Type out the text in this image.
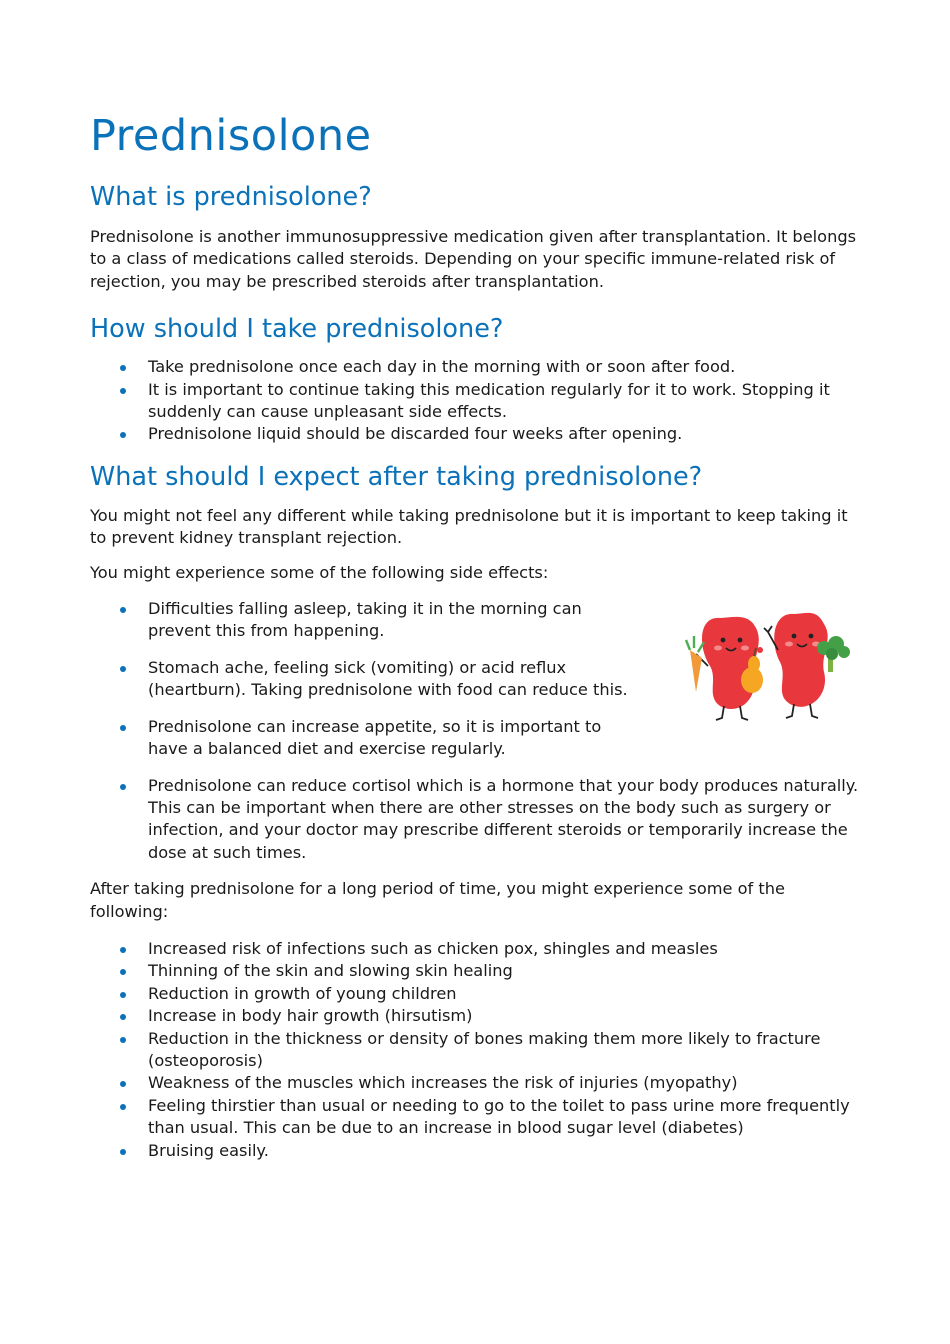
Prednisolone
What is prednisolone?

Prednisolone is another immunosuppressive medication given after transplantation. It belongs to a class of medications called steroids. Depending on your specific immune-related risk of rejection, you may be prescribed steroids after transplantation.

How should I take prednisolone?
Take prednisolone once each day in the morning with or soon after food.
It is important to continue taking this medication regularly for it to work. Stopping it suddenly can cause unpleasant side effects.
Prednisolone liquid should be discarded four weeks after opening.
What should I expect after taking prednisolone?

You might not feel any different while taking prednisolone but it is important to keep taking it to prevent kidney transplant rejection.

You might experience some of the following side effects:

Difficulties falling asleep, taking it in the morning can prevent this from happening.
Stomach ache, feeling sick (vomiting) or acid reflux (heartburn). Taking prednisolone with food can reduce this.
Prednisolone can increase appetite, so it is important to have a balanced diet and exercise regularly.
Prednisolone can reduce cortisol which is a hormone that your body produces naturally. This can be important when there are other stresses on the body such as surgery or infection, and your doctor may prescribe different steroids or temporarily increase the dose at such times.

After taking prednisolone for a long period of time, you might experience some of the following:

Increased risk of infections such as chicken pox, shingles and measles
Thinning of the skin and slowing skin healing
Reduction in growth of young children
Increase in body hair growth (hirsutism)
Reduction in the thickness or density of bones making them more likely to fracture (osteoporosis)
Weakness of the muscles which increases the risk of injuries (myopathy)
Feeling thirstier than usual or needing to go to the toilet to pass urine more frequently than usual. This can be due to an increase in blood sugar level (diabetes)
Bruising easily.
